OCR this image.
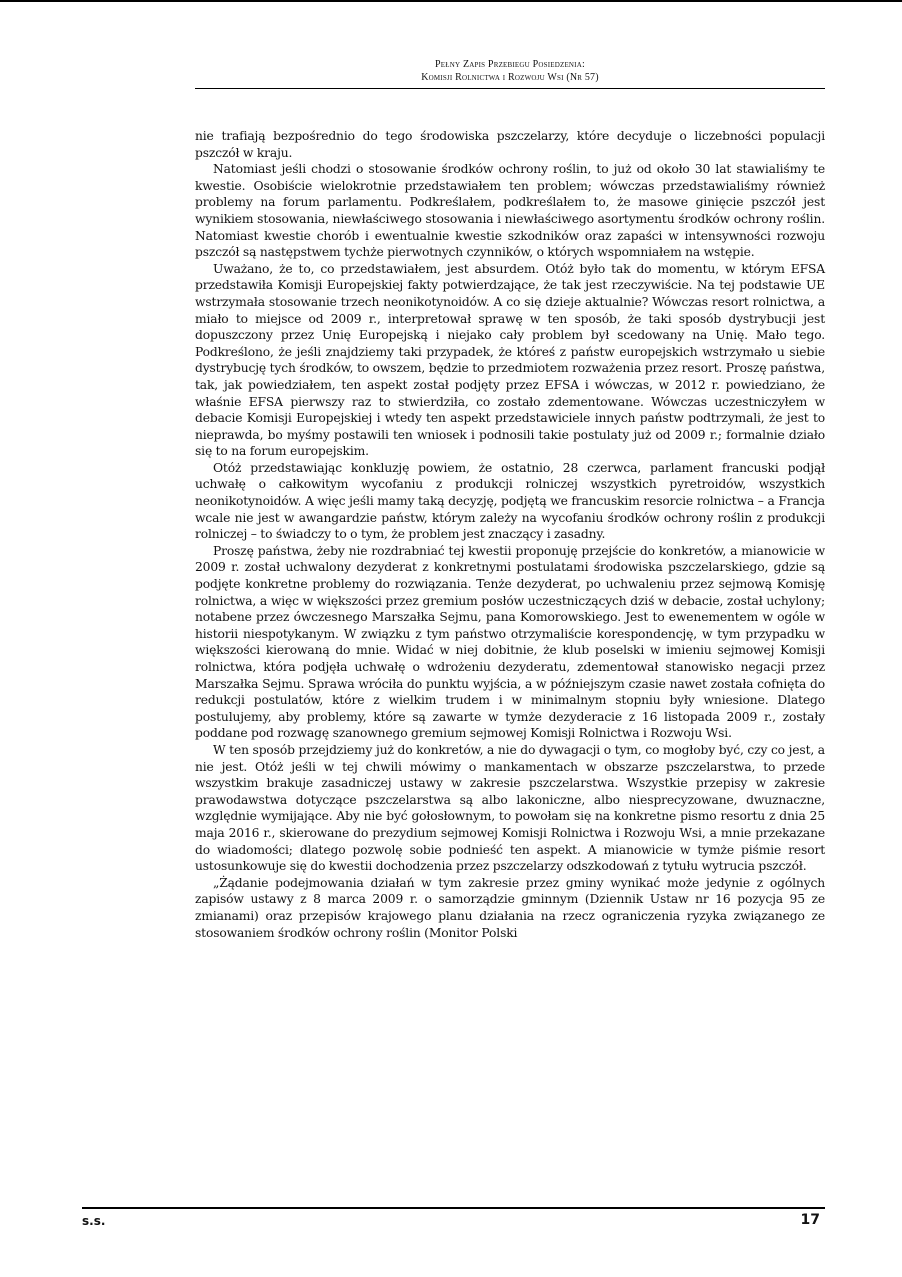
Pełny Zapis Przebiegu Posiedzenia:
Komisji Rolnictwa i Rozwoju Wsi (Nr 57)

nie trafiają bezpośrednio do tego środowiska pszczelarzy, które decyduje o liczebności populacji pszczół w kraju.

Natomiast jeśli chodzi o stosowanie środków ochrony roślin, to już od około 30 lat stawialiśmy te kwestie. Osobiście wielokrotnie przedstawiałem ten problem; wówczas przedstawialiśmy również problemy na forum parlamentu. Podkreślałem, podkreślałem to, że masowe ginięcie pszczół jest wynikiem stosowania, niewłaściwego stosowania i niewłaściwego asortymentu środków ochrony roślin. Natomiast kwestie chorób i ewentualnie kwestie szkodników oraz zapaści w intensywności rozwoju pszczół są następstwem tychże pierwotnych czynników, o których wspomniałem na wstępie.

Uważano, że to, co przedstawiałem, jest absurdem. Otóż było tak do momentu, w którym EFSA przedstawiła Komisji Europejskiej fakty potwierdzające, że tak jest rzeczywiście. Na tej podstawie UE wstrzymała stosowanie trzech neonikotynoidów. A co się dzieje aktualnie? Wówczas resort rolnictwa, a miało to miejsce od 2009 r., interpretował sprawę w ten sposób, że taki sposób dystrybucji jest dopuszczony przez Unię Europejską i niejako cały problem był scedowany na Unię. Mało tego. Podkreślono, że jeśli znajdziemy taki przypadek, że któreś z państw europejskich wstrzymało u siebie dystrybucję tych środków, to owszem, będzie to przedmiotem rozważenia przez resort. Proszę państwa, tak, jak powiedziałem, ten aspekt został podjęty przez EFSA i wówczas, w 2012 r. powiedziano, że właśnie EFSA pierwszy raz to stwierdziła, co zostało zdementowane. Wówczas uczestniczyłem w debacie Komisji Europejskiej i wtedy ten aspekt przedstawiciele innych państw podtrzymali, że jest to nieprawda, bo myśmy postawili ten wniosek i podnosili takie postulaty już od 2009 r.; formalnie działo się to na forum europejskim.

Otóż przedstawiając konkluzję powiem, że ostatnio, 28 czerwca, parlament francuski podjął uchwałę o całkowitym wycofaniu z produkcji rolniczej wszystkich pyretroidów, wszystkich neonikotynoidów. A więc jeśli mamy taką decyzję, podjętą we francuskim resorcie rolnictwa – a Francja wcale nie jest w awangardzie państw, którym zależy na wycofaniu środków ochrony roślin z produkcji rolniczej – to świadczy to o tym, że problem jest znaczący i zasadny.

Proszę państwa, żeby nie rozdrabniać tej kwestii proponuję przejście do konkretów, a mianowicie w 2009 r. został uchwalony dezyderat z konkretnymi postulatami środowiska pszczelarskiego, gdzie są podjęte konkretne problemy do rozwiązania. Tenże dezyderat, po uchwaleniu przez sejmową Komisję rolnictwa, a więc w większości przez gremium posłów uczestniczących dziś w debacie, został uchylony; notabene przez ówczesnego Marszałka Sejmu, pana Komorowskiego. Jest to ewenementem w ogóle w historii niespotykanym. W związku z tym państwo otrzymaliście korespondencję, w tym przypadku w większości kierowaną do mnie. Widać w niej dobitnie, że klub poselski w imieniu sejmowej Komisji rolnictwa, która podjęła uchwałę o wdrożeniu dezyderatu, zdementował stanowisko negacji przez Marszałka Sejmu. Sprawa wróciła do punktu wyjścia, a w późniejszym czasie nawet została cofnięta do redukcji postulatów, które z wielkim trudem i w minimalnym stopniu były wniesione. Dlatego postulujemy, aby problemy, które są zawarte w tymże dezyderacie z 16 listopada 2009 r., zostały poddane pod rozwagę szanownego gremium sejmowej Komisji Rolnictwa i Rozwoju Wsi.

W ten sposób przejdziemy już do konkretów, a nie do dywagacji o tym, co mogłoby być, czy co jest, a nie jest. Otóż jeśli w tej chwili mówimy o mankamentach w obszarze pszczelarstwa, to przede wszystkim brakuje zasadniczej ustawy w zakresie pszczelarstwa. Wszystkie przepisy w zakresie prawodawstwa dotyczące pszczelarstwa są albo lakoniczne, albo niesprecyzowane, dwuznaczne, względnie wymijające. Aby nie być gołosłownym, to powołam się na konkretne pismo resortu z dnia 25 maja 2016 r., skierowane do prezydium sejmowej Komisji Rolnictwa i Rozwoju Wsi, a mnie przekazane do wiadomości; dlatego pozwolę sobie podnieść ten aspekt. A mianowicie w tymże piśmie resort ustosunkowuje się do kwestii dochodzenia przez pszczelarzy odszkodowań z tytułu wytrucia pszczół.

„Żądanie podejmowania działań w tym zakresie przez gminy wynikać może jedynie z ogólnych zapisów ustawy z 8 marca 2009 r. o samorządzie gminnym (Dziennik Ustaw nr 16 pozycja 95 ze zmianami) oraz przepisów krajowego planu działania na rzecz ograniczenia ryzyka związanego ze stosowaniem środków ochrony roślin (Monitor Polski

s.s.	17
